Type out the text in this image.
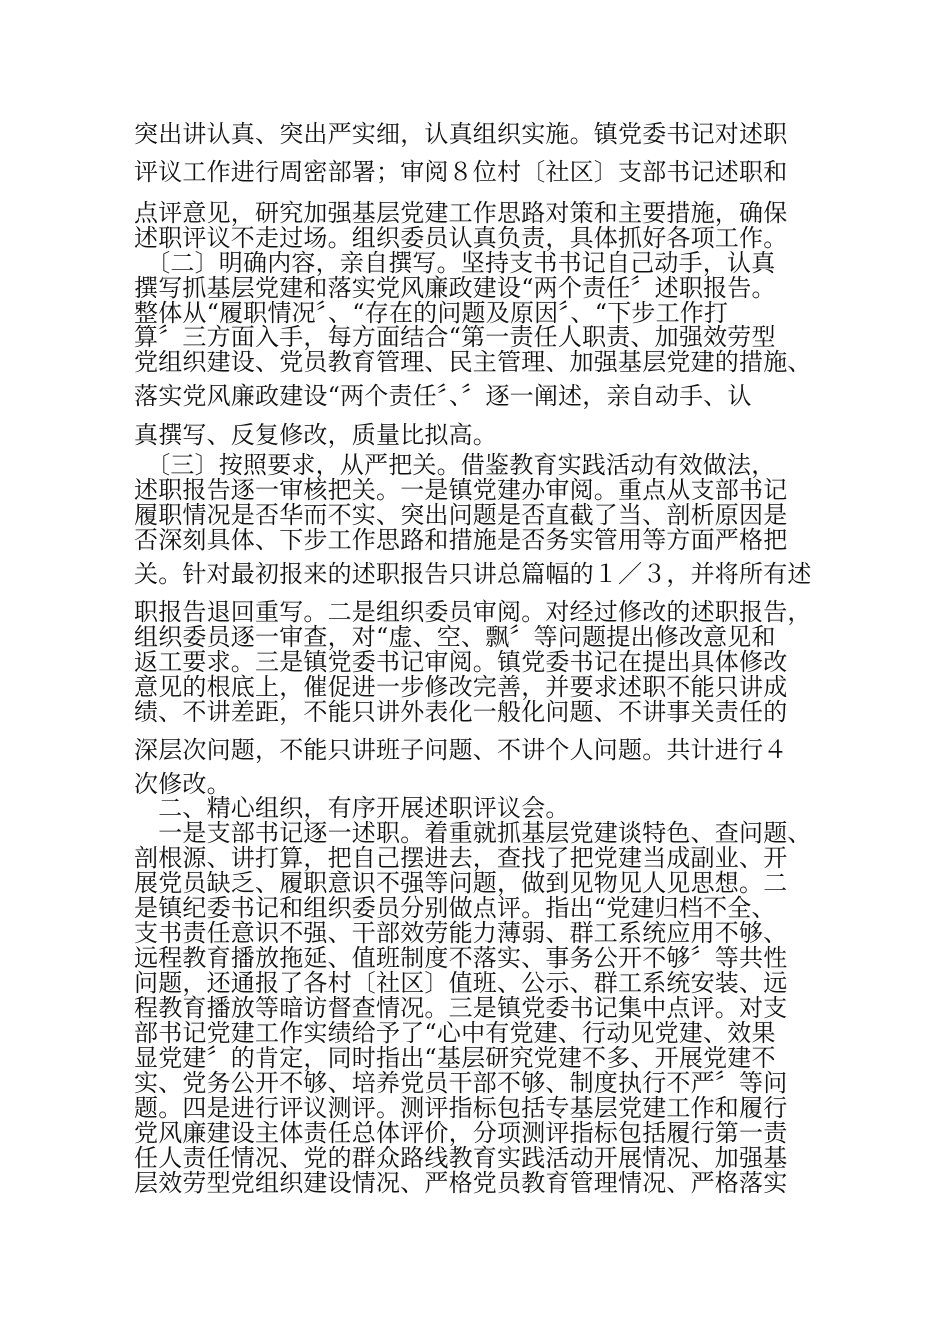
突出讲认真、突出严实细，认真组织实施。镇党委书记对述职
评议工作进行周密部署；审阅８位村〔社区〕支部书记述职和
点评意见，研究加强基层党建工作思路对策和主要措施，确保
述职评议不走过场。组织委员认真负责，具体抓好各项工作。
　〔二〕明确内容，亲自撰写。坚持支书书记自己动手，认真
撰写抓基层党建和落实党风廉政建设“两个责任〞述职报告。
整体从“履职情况〞、“存在的问题及原因〞、“下步工作打
算〞三方面入手，每方面结合“第一责任人职责、加强效劳型
党组织建设、党员教育管理、民主管理、加强基层党建的措施、
落实党风廉政建设“两个责任〞、〞逐一阐述，亲自动手、认
真撰写、反复修改，质量比拟高。
　〔三〕按照要求，从严把关。借鉴教育实践活动有效做法，
述职报告逐一审核把关。一是镇党建办审阅。重点从支部书记
履职情况是否华而不实、突出问题是否直截了当、剖析原因是
否深刻具体、下步工作思路和措施是否务实管用等方面严格把
关。针对最初报来的述职报告只讲总篇幅的１／３，并将所有述
职报告退回重写。二是组织委员审阅。对经过修改的述职报告，
组织委员逐一审查，对“虚、空、飘〞等问题提出修改意见和
返工要求。三是镇党委书记审阅。镇党委书记在提出具体修改
意见的根底上，催促进一步修改完善，并要求述职不能只讲成
绩、不讲差距，不能只讲外表化一般化问题、不讲事关责任的
深层次问题，不能只讲班子问题、不讲个人问题。共计进行４
次修改。
　二、精心组织，有序开展述职评议会。
　一是支部书记逐一述职。着重就抓基层党建谈特色、查问题、
剖根源、讲打算，把自己摆进去，查找了把党建当成副业、开
展党员缺乏、履职意识不强等问题，做到见物见人见思想。二
是镇纪委书记和组织委员分别做点评。指出“党建归档不全、
支书责任意识不强、干部效劳能力薄弱、群工系统应用不够、
远程教育播放拖延、值班制度不落实、事务公开不够〞等共性
问题，还通报了各村〔社区〕值班、公示、群工系统安装、远
程教育播放等暗访督查情况。三是镇党委书记集中点评。对支
部书记党建工作实绩给予了“心中有党建、行动见党建、效果
显党建〞的肯定，同时指出“基层研究党建不多、开展党建不
实、党务公开不够、培养党员干部不够、制度执行不严〞等问
题。四是进行评议测评。测评指标包括专基层党建工作和履行
党风廉建设主体责任总体评价，分项测评指标包括履行第一责
任人责任情况、党的群众路线教育实践活动开展情况、加强基
层效劳型党组织建设情况、严格党员教育管理情况、严格落实
